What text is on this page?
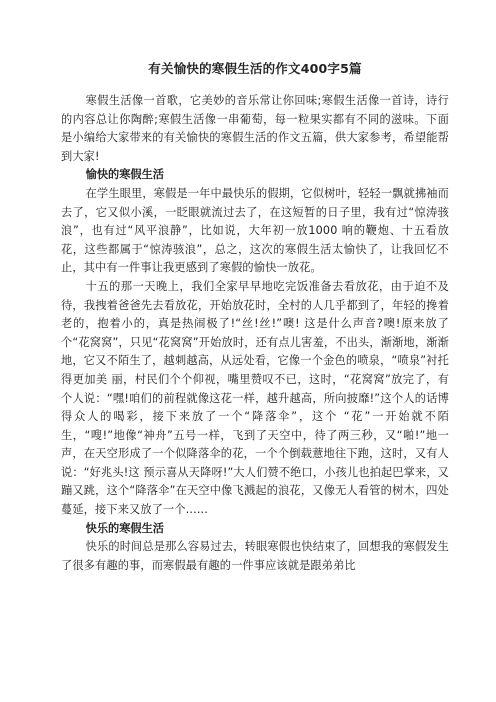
有关愉快的寒假生活的作文400字5篇

寒假生活像一首歌，它美妙的音乐常让你回味;寒假生活像一首诗，诗行的内容总让你陶醉;寒假生活像一串葡萄，每一粒果实都有不同的滋味。下面是小编给大家带来的有关愉快的寒假生活的作文五篇，供大家参考，希望能帮到大家!

愉快的寒假生活

在学生眼里，寒假是一年中最快乐的假期，它似树叶，轻轻一飘就拂袖而去了，它又似小溪，一眨眼就流过去了，在这短暂的日子里，我有过“惊涛骇浪”，也有过“风平浪静”，比如说，大年初一放1000 响的鞭炮、十五看放花，这些都属于“惊涛骇浪”，总之，这次的寒假生活太愉快了，让我回忆不止，其中有一件事让我更感到了寒假的愉快一放花。

十五的那一天晚上，我们全家早早地吃完饭准备去看放花，由于迫不及待，我拽着爸爸先去看放花，开始放花时，全村的人几乎都到了，年轻的搀着老的，抱着小的，真是热闹极了!“丝!丝!”噢! 这是什么声音?噢!原来放了个“花窝窝”，只见“花窝窝”开始放时，还有点儿害羞，不出头，渐渐地，渐渐地，它又不陌生了，越刺越高，从远处看，它像一个金色的喷泉，“喷泉”衬托得更加美 丽，村民们个个仰视，嘴里赞叹不已，这时，“花窝窝”放完了，有个人说：“嘿!咱们的前程就像这花一样，越升越高，所向披靡!”这个人的话博得众人的喝彩，接下来放了一个“降落伞”，这个 “花”一开始就不陌生，“嗖!”地像“神舟”五号一样，飞到了天空中，待了两三秒，又“啪!”地一声，在天空形成了一个似降落伞的花，一个个倒载薏地往下跑，这时，又有人说：“好兆头!这 预示喜从天降呀!”大人们赞不绝口，小孩儿也拍起巴掌来，又蹦又跳，这个“降落伞”在天空中像飞溅起的浪花，又像无人看管的树木，四处蔓延，接下来又放了一个......

快乐的寒假生活

快乐的时间总是那么容易过去，转眼寒假也快结束了，回想我的寒假发生了很多有趣的事，而寒假最有趣的一件事应该就是跟弟弟比
